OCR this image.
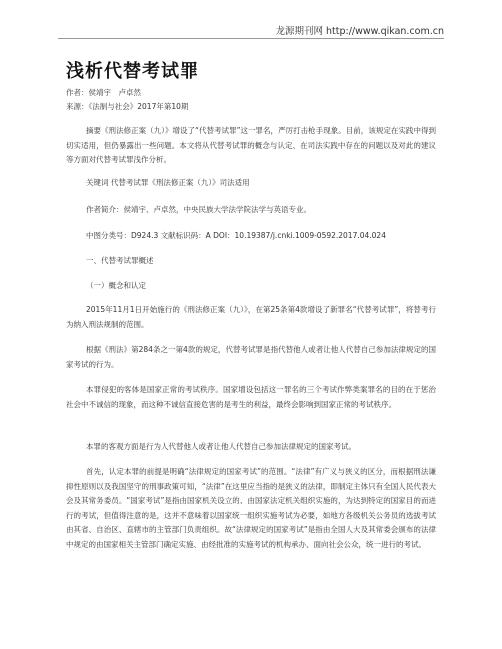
龙源期刊网 http://www.qikan.com.cn
浅析代替考试罪
作者：侯靖宇　卢卓然
来源：《法制与社会》2017年第10期

摘要《刑法修正案（九）》增设了“代替考试罪”这一罪名，严厉打击枪手现象。目前，该规定在实践中得到切实适用，但仍暴露出一些问题。本文将从代替考试罪的概念与认定、在司法实践中存在的问题以及对此的建议等方面对代替考试罪浅作分析。

关键词 代替考试罪《刑法修正案（九）》司法适用

作者简介：侯靖宇、卢卓然，中央民族大学法学院法学与英语专业。

中图分类号：D924.3 文献标识码：A DOI：10.19387/j.cnki.1009-0592.2017.04.024

一、代替考试罪概述

（一）概念和认定

2015年11月1日开始施行的《刑法修正案（九）》，在第25条第4款增设了新罪名“代替考试罪”，将替考行为纳入刑法规制的范围。

根据《刑法》第284条之一第4款的规定，代替考试罪是指代替他人或者让他人代替自己参加法律规定的国家考试的行为。

本罪侵犯的客体是国家正常的考试秩序。国家增设包括这一罪名的三个考试作弊类案罪名的目的在于惩治社会中不诚信的现象，而这种不诚信直接危害的是考生的利益，最终会影响到国家正常的考试秩序。

本罪的客观方面是行为人代替他人或者让他人代替自己参加法律规定的国家考试。

首先，认定本罪的前提是明确“法律规定的国家考试”的范围。“法律”有广义与狭义的区分，而根据刑法谦抑性原则以及我国坚守的刑事政策可知，“法律”在这里应当指的是狭义的法律，即制定主体只有全国人民代表大会及其常务委员。“国家考试”是指由国家机关设立的、由国家法定机关组织实施的，为达到特定的国家目的而进行的考试，但值得注意的是，这并不意味着以国家统一组织实施考试为必要，如地方各级机关公务员的选拔考试由其省、自治区、直辖市的主管部门负责组织。故“法律规定的国家考试”是指由全国人大及其常委会颁布的法律中规定的由国家相关主管部门确定实施、由经批准的实施考试的机构承办、面向社会公众，统一进行的考试。
